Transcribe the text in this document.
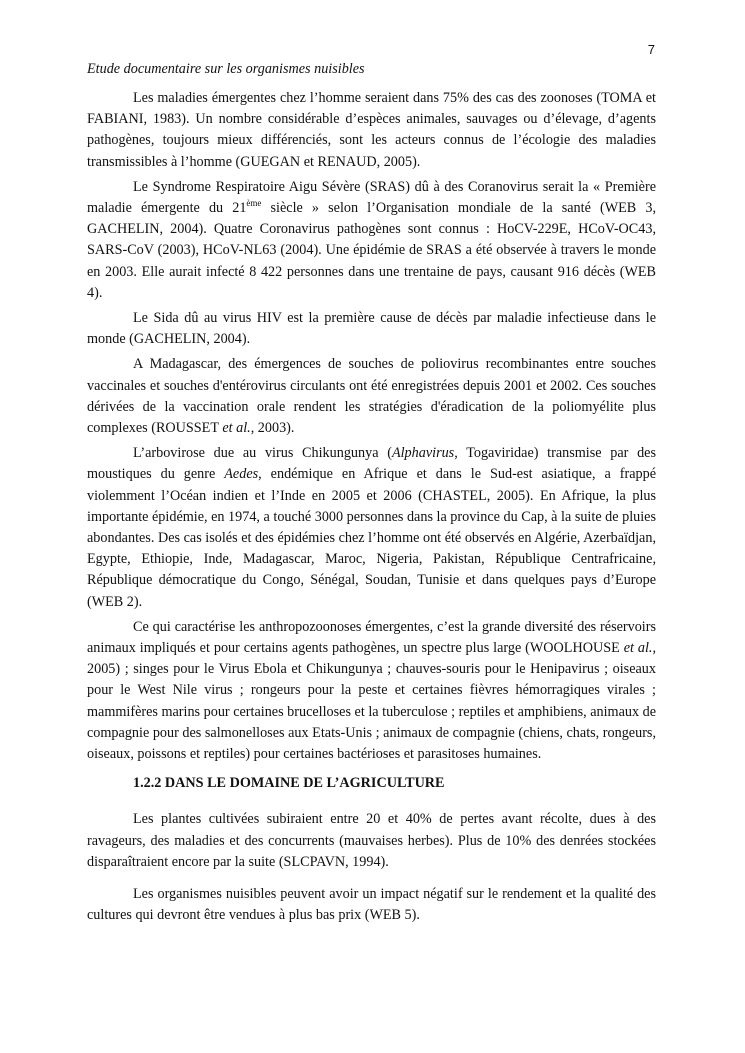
7
Etude documentaire sur les organismes nuisibles

Les maladies émergentes chez l’homme seraient dans 75% des cas des zoonoses (TOMA et FABIANI, 1983). Un nombre considérable d’espèces animales, sauvages ou d’élevage, d’agents pathogènes, toujours mieux différenciés, sont les acteurs connus de l’écologie des maladies transmissibles à l’homme (GUEGAN et RENAUD, 2005).

Le Syndrome Respiratoire Aigu Sévère (SRAS) dû à des Coranovirus serait la « Première maladie émergente du 21ème siècle » selon l’Organisation mondiale de la santé (WEB 3, GACHELIN, 2004). Quatre Coronavirus pathogènes sont connus : HoCV-229E, HCoV-OC43, SARS-CoV (2003), HCoV-NL63 (2004). Une épidémie de SRAS a été observée à travers le monde en 2003. Elle aurait infecté 8 422 personnes dans une trentaine de pays, causant 916 décès (WEB 4).

Le Sida dû au virus HIV est la première cause de décès par maladie infectieuse dans le monde (GACHELIN, 2004).

A Madagascar, des émergences de souches de poliovirus recombinantes entre souches vaccinales et souches d'entérovirus circulants ont été enregistrées depuis 2001 et 2002. Ces souches dérivées de la vaccination orale rendent les stratégies d'éradication de la poliomyélite plus complexes (ROUSSET et al., 2003).

L’arbovirose due au virus Chikungunya (Alphavirus, Togaviridae) transmise par des moustiques du genre Aedes, endémique en Afrique et dans le Sud-est asiatique, a frappé violemment l’Océan indien et l’Inde en 2005 et 2006 (CHASTEL, 2005). En Afrique, la plus importante épidémie, en 1974, a touché 3000 personnes dans la province du Cap, à la suite de pluies abondantes. Des cas isolés et des épidémies chez l’homme ont été observés en Algérie, Azerbaïdjan, Egypte, Ethiopie, Inde, Madagascar, Maroc, Nigeria, Pakistan, République Centrafricaine, République démocratique du Congo, Sénégal, Soudan, Tunisie et dans quelques pays d’Europe (WEB 2).

Ce qui caractérise les anthropozoonoses émergentes, c’est la grande diversité des réservoirs animaux impliqués et pour certains agents pathogènes, un spectre plus large (WOOLHOUSE et al., 2005) ; singes pour le Virus Ebola et Chikungunya ; chauves-souris pour le Henipavirus ; oiseaux pour le West Nile virus ; rongeurs pour la peste et certaines fièvres hémorragiques virales ; mammifères marins pour certaines brucelloses et la tuberculose ; reptiles et amphibiens, animaux de compagnie pour des salmonelloses aux Etats-Unis ; animaux de compagnie (chiens, chats, rongeurs, oiseaux, poissons et reptiles) pour certaines bactérioses et parasitoses humaines.

1.2.2 DANS LE DOMAINE DE L’AGRICULTURE

Les plantes cultivées subiraient entre 20 et 40% de pertes avant récolte, dues à des ravageurs, des maladies et des concurrents (mauvaises herbes). Plus de 10% des denrées stockées disparaîtraient encore par la suite (SLCPAVN, 1994).

Les organismes nuisibles peuvent avoir un impact négatif sur le rendement et la qualité des cultures qui devront être vendues à plus bas prix (WEB 5).
